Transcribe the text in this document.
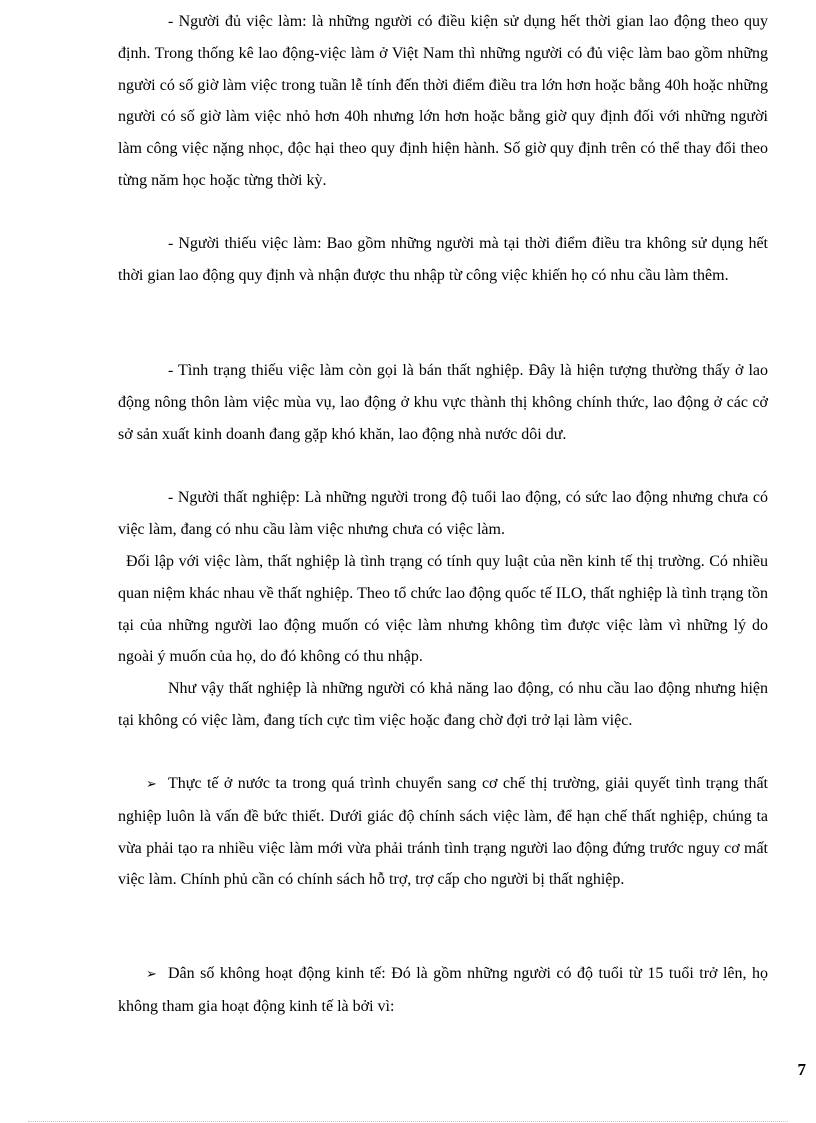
- Người đủ việc làm: là những người có điều kiện sử dụng hết thời gian lao động theo quy định. Trong thống kê lao động-việc làm ở Việt Nam thì những người có đủ việc làm bao gồm những người có số giờ làm việc trong tuần lễ tính đến thời điểm điều tra lớn hơn hoặc bằng 40h hoặc những người có số giờ làm việc nhỏ hơn 40h nhưng lớn hơn hoặc bằng giờ quy định đối với những người làm công việc nặng nhọc, độc hại theo quy định hiện hành. Số giờ quy định trên có thể thay đổi theo từng năm học hoặc từng thời kỳ.

- Người thiếu việc làm: Bao gồm những người mà tại thời điểm điều tra không sử dụng hết thời gian lao động quy định và nhận được thu nhập từ công việc khiến họ có nhu cầu làm thêm.

- Tình trạng thiếu việc làm còn gọi là bán thất nghiệp. Đây là hiện tượng thường thấy ở lao động nông thôn làm việc mùa vụ, lao động ở khu vực thành thị không chính thức, lao động ở các cở sở sản xuất kinh doanh đang gặp khó khăn, lao động nhà nước dôi dư.

- Người thất nghiệp: Là những người trong độ tuổi lao động, có sức lao động nhưng chưa có việc làm, đang có nhu cầu làm việc nhưng chưa có việc làm.

Đối lập với việc làm, thất nghiệp là tình trạng có tính quy luật của nền kinh tế thị trường. Có nhiều quan niệm khác nhau về thất nghiệp. Theo tổ chức lao động quốc tế ILO, thất nghiệp là tình trạng tồn tại của những người lao động muốn có việc làm nhưng không tìm được việc làm vì những lý do ngoài ý muốn của họ, do đó không có thu nhập.

Như vậy thất nghiệp là những người có khả năng lao động, có nhu cầu lao động nhưng hiện tại không có việc làm, đang tích cực tìm việc hoặc đang chờ đợi trở lại làm việc.

➢ Thực tế ở nước ta trong quá trình chuyển sang cơ chế thị trường, giải quyết tình trạng thất nghiệp luôn là vấn đề bức thiết. Dưới giác độ chính sách việc làm, để hạn chế thất nghiệp, chúng ta vừa phải tạo ra nhiều việc làm mới vừa phải tránh tình trạng người lao động đứng trước nguy cơ mất việc làm. Chính phủ cần có chính sách hỗ trợ, trợ cấp cho người bị thất nghiệp.

➢ Dân số không hoạt động kinh tế: Đó là gồm những người có độ tuổi từ 15 tuổi trở lên, họ không tham gia hoạt động kinh tế là bởi vì:

7
